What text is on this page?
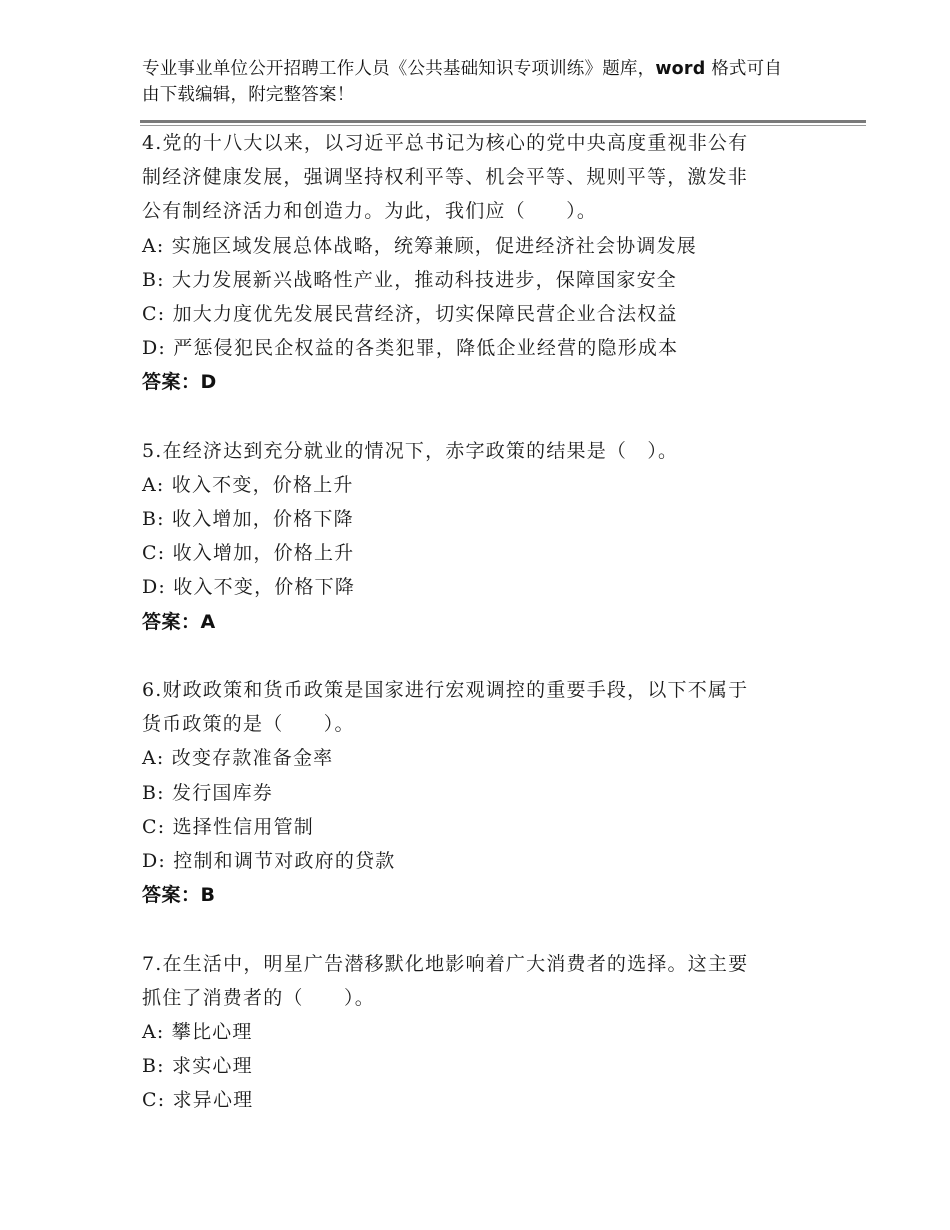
专业事业单位公开招聘工作人员《公共基础知识专项训练》题库，word 格式可自
由下载编辑，附完整答案！
4.党的十八大以来，以习近平总书记为核心的党中央高度重视非公有
制经济健康发展，强调坚持权利平等、机会平等、规则平等，激发非
公有制经济活力和创造力。为此，我们应（　　）。
A: 实施区域发展总体战略，统筹兼顾，促进经济社会协调发展
B: 大力发展新兴战略性产业，推动科技进步，保障国家安全
C: 加大力度优先发展民营经济，切实保障民营企业合法权益
D: 严惩侵犯民企权益的各类犯罪，降低企业经营的隐形成本
答案：D
5.在经济达到充分就业的情况下，赤字政策的结果是（　）。
A: 收入不变，价格上升
B: 收入增加，价格下降
C: 收入增加，价格上升
D: 收入不变，价格下降
答案：A
6.财政政策和货币政策是国家进行宏观调控的重要手段，以下不属于
货币政策的是（　　）。
A: 改变存款准备金率
B: 发行国库券
C: 选择性信用管制
D: 控制和调节对政府的贷款
答案：B
7.在生活中，明星广告潜移默化地影响着广大消费者的选择。这主要
抓住了消费者的（　　）。
A: 攀比心理
B: 求实心理
C: 求异心理
